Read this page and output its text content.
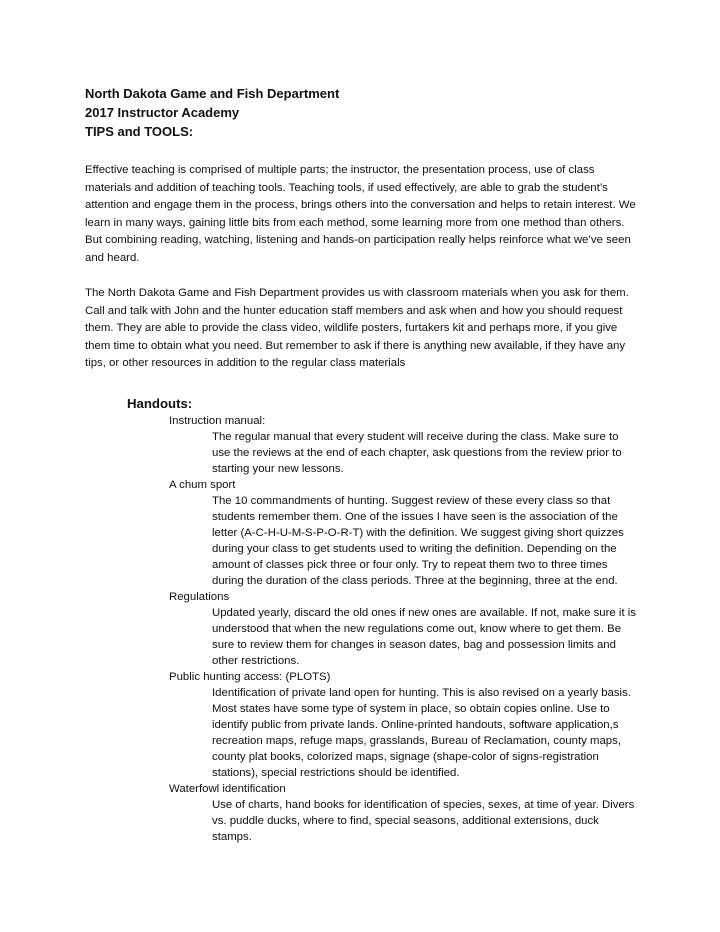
North Dakota Game and Fish Department
2017 Instructor Academy
TIPS and TOOLS:
Effective teaching is comprised of multiple parts; the instructor, the presentation process, use of class materials and addition of teaching tools. Teaching tools, if used effectively, are able to grab the student’s attention and engage them in the process, brings others into the conversation and helps to retain interest. We learn in many ways, gaining little bits from each method, some learning more from one method than others. But combining reading, watching, listening and hands-on participation really helps reinforce what we’ve seen and heard.
The North Dakota Game and Fish Department provides us with classroom materials when you ask for them. Call and talk with John and the hunter education staff members and ask when and how you should request them. They are able to provide the class video, wildlife posters, furtakers kit and perhaps more, if you give them time to obtain what you need. But remember to ask if there is anything new available, if they have any tips, or other resources in addition to the regular class materials
Handouts:
Instruction manual:
The regular manual that every student will receive during the class. Make sure to use the reviews at the end of each chapter, ask questions from the review prior to starting your new lessons.
A chum sport
The 10 commandments of hunting. Suggest review of these every class so that students remember them. One of the issues I have seen is the association of the letter (A-C-H-U-M-S-P-O-R-T) with the definition. We suggest giving short quizzes during your class to get students used to writing the definition. Depending on the amount of classes pick three or four only. Try to repeat them two to three times during the duration of the class periods. Three at the beginning, three at the end.
Regulations
Updated yearly, discard the old ones if new ones are available. If not, make sure it is understood that when the new regulations come out, know where to get them. Be sure to review them for changes in season dates, bag and possession limits and other restrictions.
Public hunting access: (PLOTS)
Identification of private land open for hunting. This is also revised on a yearly basis. Most states have some type of system in place, so obtain copies online. Use to identify public from private lands. Online-printed handouts, software application,s recreation maps, refuge maps, grasslands, Bureau of Reclamation, county maps, county plat books, colorized maps, signage (shape-color of signs-registration stations), special restrictions should be identified.
Waterfowl identification
Use of charts, hand books for identification of species, sexes, at time of year. Divers vs. puddle ducks, where to find, special seasons, additional extensions, duck stamps.
